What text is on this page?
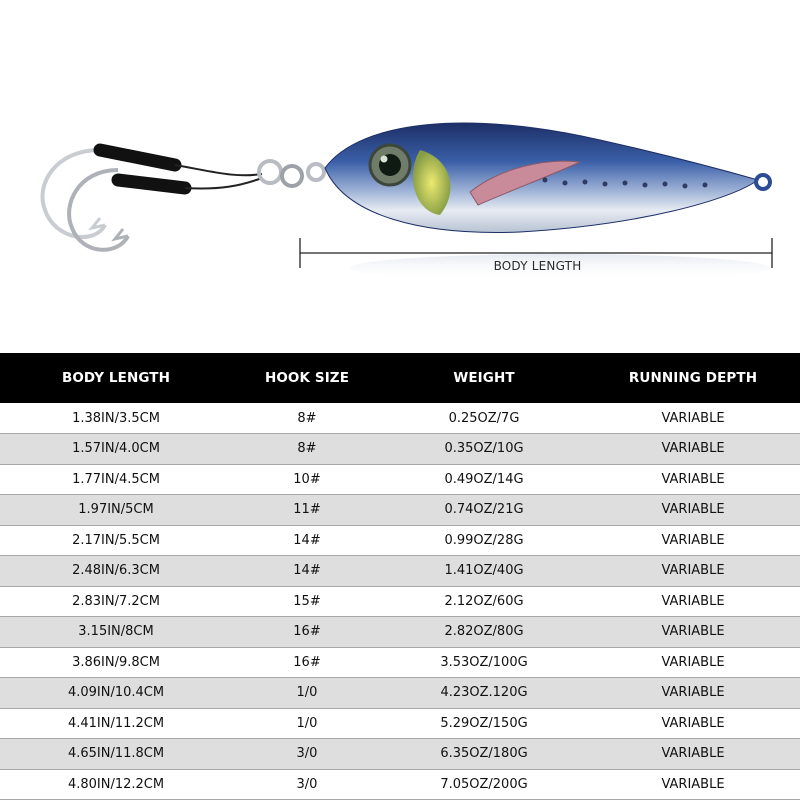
BODY LENGTH
BODY LENGTH	HOOK SIZE	WEIGHT	RUNNING DEPTH
1.38IN/3.5CM	8#	0.25OZ/7G	VARIABLE
1.57IN/4.0CM	8#	0.35OZ/10G	VARIABLE
1.77IN/4.5CM	10#	0.49OZ/14G	VARIABLE
1.97IN/5CM	11#	0.74OZ/21G	VARIABLE
2.17IN/5.5CM	14#	0.99OZ/28G	VARIABLE
2.48IN/6.3CM	14#	1.41OZ/40G	VARIABLE
2.83IN/7.2CM	15#	2.12OZ/60G	VARIABLE
3.15IN/8CM	16#	2.82OZ/80G	VARIABLE
3.86IN/9.8CM	16#	3.53OZ/100G	VARIABLE
4.09IN/10.4CM	1/0	4.23OZ.120G	VARIABLE
4.41IN/11.2CM	1/0	5.29OZ/150G	VARIABLE
4.65IN/11.8CM	3/0	6.35OZ/180G	VARIABLE
4.80IN/12.2CM	3/0	7.05OZ/200G	VARIABLE
